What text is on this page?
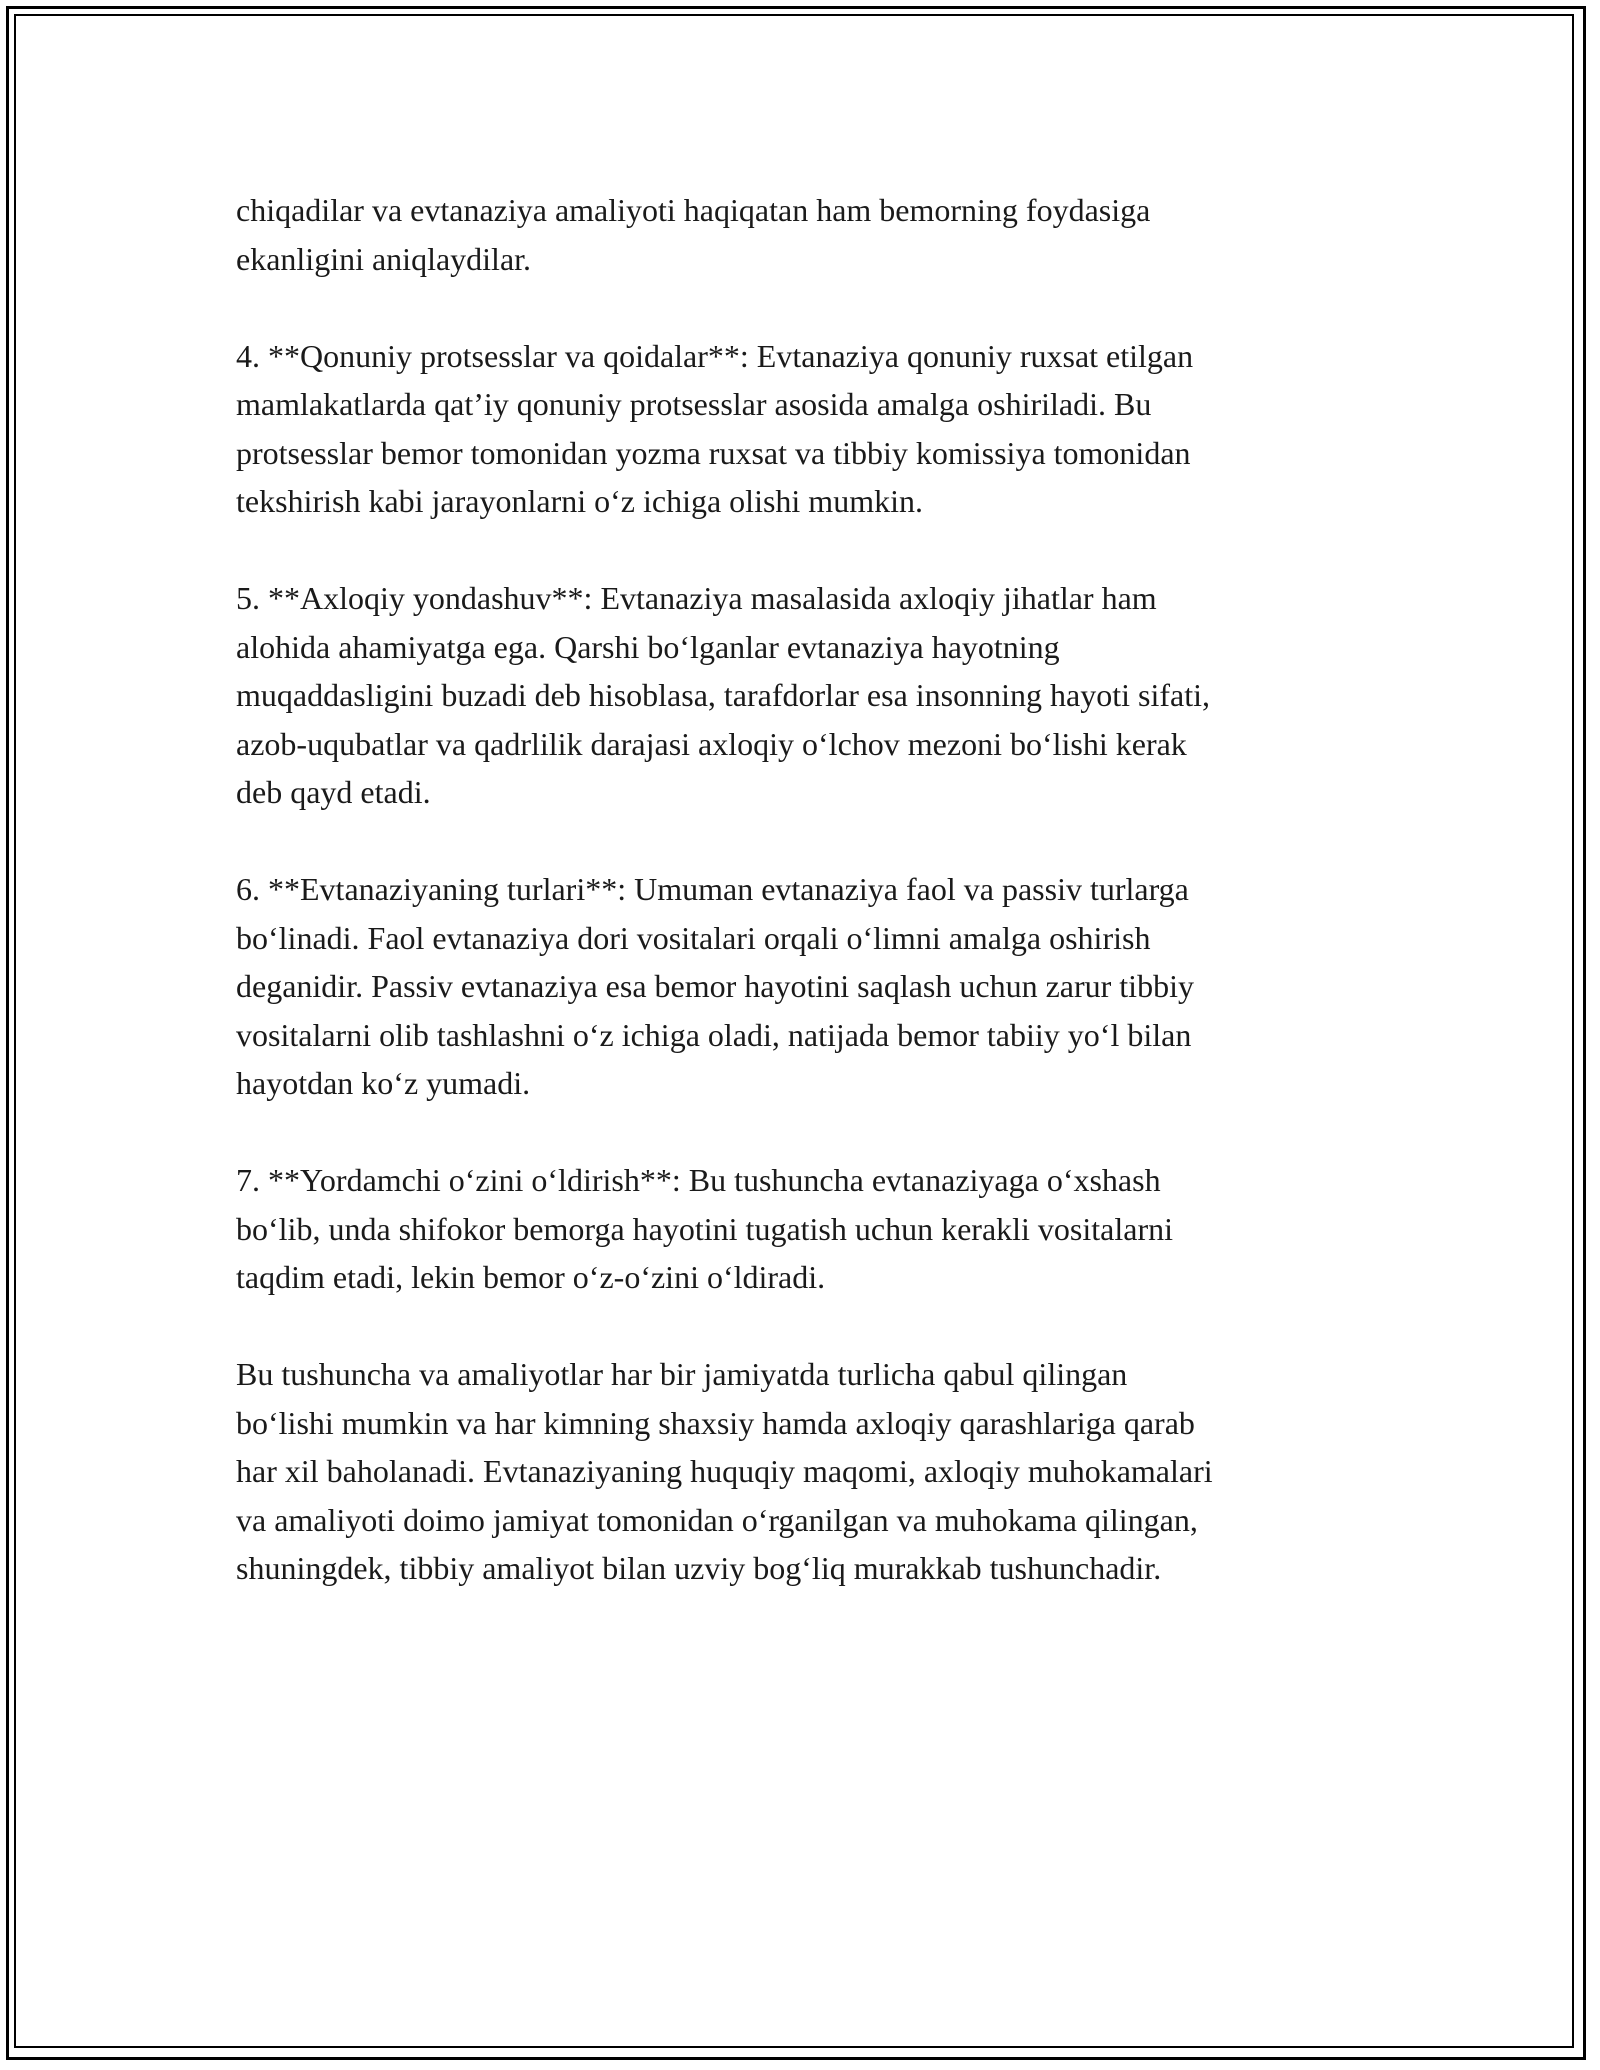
chiqadilar va evtanaziya amaliyoti haqiqatan ham bemorning foydasiga
ekanligini aniqlaydilar.

4. **Qonuniy protsesslar va qoidalar**: Evtanaziya qonuniy ruxsat etilgan
mamlakatlarda qat’iy qonuniy protsesslar asosida amalga oshiriladi. Bu
protsesslar bemor tomonidan yozma ruxsat va tibbiy komissiya tomonidan
tekshirish kabi jarayonlarni o‘z ichiga olishi mumkin.

5. **Axloqiy yondashuv**: Evtanaziya masalasida axloqiy jihatlar ham
alohida ahamiyatga ega. Qarshi bo‘lganlar evtanaziya hayotning
muqaddasligini buzadi deb hisoblasa, tarafdorlar esa insonning hayoti sifati,
azob-uqubatlar va qadrlilik darajasi axloqiy o‘lchov mezoni bo‘lishi kerak
deb qayd etadi.

6. **Evtanaziyaning turlari**: Umuman evtanaziya faol va passiv turlarga
bo‘linadi. Faol evtanaziya dori vositalari orqali o‘limni amalga oshirish
deganidir. Passiv evtanaziya esa bemor hayotini saqlash uchun zarur tibbiy
vositalarni olib tashlashni o‘z ichiga oladi, natijada bemor tabiiy yo‘l bilan
hayotdan ko‘z yumadi.

7. **Yordamchi o‘zini o‘ldirish**: Bu tushuncha evtanaziyaga o‘xshash
bo‘lib, unda shifokor bemorga hayotini tugatish uchun kerakli vositalarni
taqdim etadi, lekin bemor o‘z-o‘zini o‘ldiradi.

Bu tushuncha va amaliyotlar har bir jamiyatda turlicha qabul qilingan
bo‘lishi mumkin va har kimning shaxsiy hamda axloqiy qarashlariga qarab
har xil baholanadi. Evtanaziyaning huquqiy maqomi, axloqiy muhokamalari
va amaliyoti doimo jamiyat tomonidan o‘rganilgan va muhokama qilingan,
shuningdek, tibbiy amaliyot bilan uzviy bog‘liq murakkab tushunchadir.
